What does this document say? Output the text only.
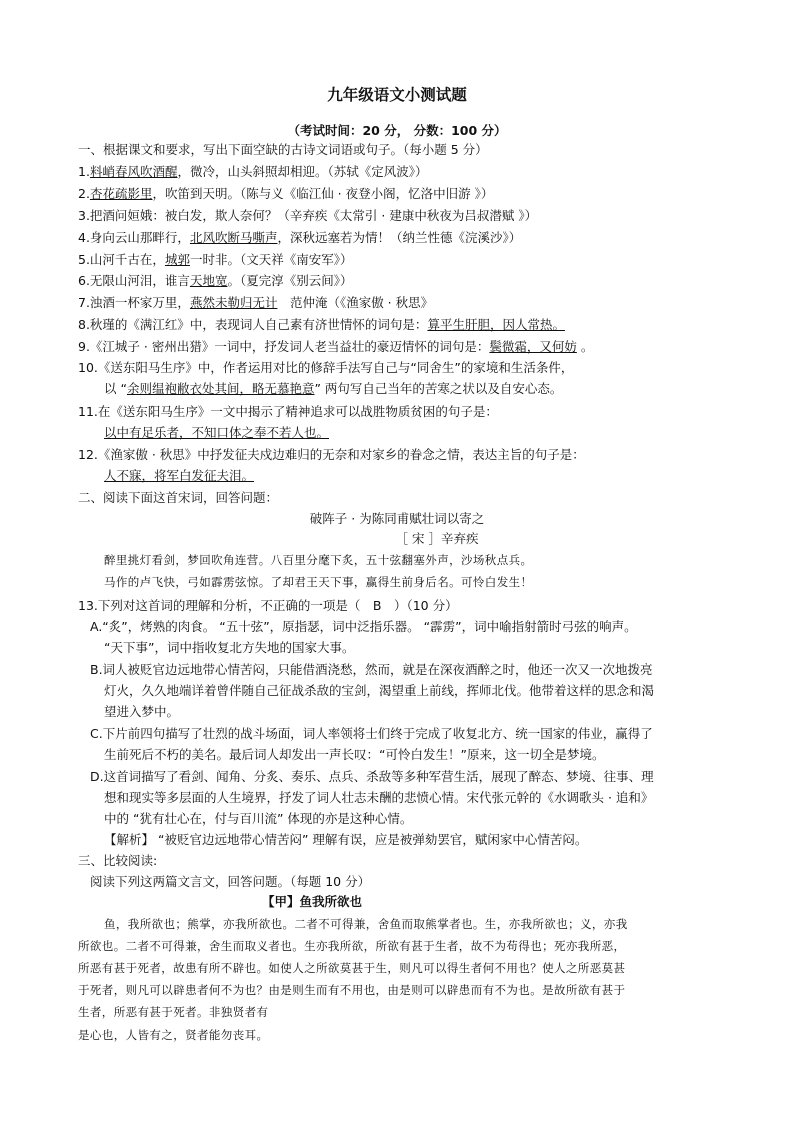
九年级语文小测试题
（考试时间：20 分， 分数：100 分）
一、根据课文和要求，写出下面空缺的古诗文词语或句子。（每小题 5 分）
1.料峭春风吹酒醒，微冷，山头斜照却相迎。（苏轼《定风波》）
2.杏花疏影里，吹笛到天明。（陈与义《临江仙 · 夜登小阁，忆洛中旧游 》）
3.把酒问姮娥：被白发，欺人奈何？（辛弃疾《太常引 · 建康中秋夜为吕叔潜赋 》）
4.身向云山那畔行，北风吹断马嘶声，深秋远塞若为情！（纳兰性德《浣溪沙》）
5.山河千古在，城郭一时非。（文天祥《南安军》）
6.无限山河泪，谁言天地宽。（夏完淳《别云间》）
7.浊酒一杯家万里，燕然未勒归无计　范仲淹（《渔家傲 · 秋思》
8.秋瑾的《满江红》中，表现词人自己素有济世情怀的词句是：算平生肝胆，因人常热。
9.《江城子 · 密州出猎》一词中，抒发词人老当益壮的豪迈情怀的词句是：鬓微霜，又何妨 。
10.《送东阳马生序》中，作者运用对比的修辞手法写自己与“同舍生”的家境和生活条件，
以 “余则缊袍敝衣处其间，略无慕艳意” 两句写自己当年的苦寒之状以及自安心态。
11.在《送东阳马生序》一文中揭示了精神追求可以战胜物质贫困的句子是：
以中有足乐者，不知口体之奉不若人也。
12.《渔家傲 · 秋思》中抒发征夫戍边难归的无奈和对家乡的眷念之情，表达主旨的句子是：
人不寐，将军白发征夫泪。
二、阅读下面这首宋词，回答问题：
破阵子 · 为陈同甫赋壮词以寄之
［ 宋 ］辛弃疾
醉里挑灯看剑，梦回吹角连营。八百里分麾下炙，五十弦翻塞外声，沙场秋点兵。
马作的卢飞快，弓如霹雳弦惊。了却君王天下事，赢得生前身后名。可怜白发生！
13.下列对这首词的理解和分析，不正确的一项是（　B　）（10 分）
A.“炙”，烤熟的肉食。 “五十弦”，原指瑟，词中泛指乐器。 “霹雳”，词中喻指射箭时弓弦的响声。
“天下事”，词中指收复北方失地的国家大事。
B.词人被贬官边远地带心情苦闷，只能借酒浇愁，然而，就是在深夜酒醉之时，他还一次又一次地拨亮
灯火，久久地端详着曾伴随自己征战杀敌的宝剑，渴望重上前线，挥师北伐。他带着这样的思念和渴
望进入梦中。
C.下片前四句描写了壮烈的战斗场面，词人率领将士们终于完成了收复北方、统一国家的伟业，赢得了
生前死后不朽的美名。最后词人却发出一声长叹：“可怜白发生！”原来，这一切全是梦境。
D.这首词描写了看剑、闻角、分炙、奏乐、点兵、杀敌等多种军营生活，展现了醉态、梦境、往事、理
想和现实等多层面的人生境界，抒发了词人壮志未酬的悲愤心情。宋代张元幹的《水调歌头 · 追和》
中的 “犹有壮心在，付与百川流” 体现的亦是这种心情。
【解析】 “被贬官边远地带心情苦闷” 理解有误，应是被弹劾罢官，赋闲家中心情苦闷。
三、比较阅读:
阅读下列这两篇文言文，回答问题。（每题 10 分）
【甲】鱼我所欲也
鱼，我所欲也；熊掌，亦我所欲也。二者不可得兼，舍鱼而取熊掌者也。生，亦我所欲也；义，亦我
所欲也。二者不可得兼，舍生而取义者也。生亦我所欲，所欲有甚于生者，故不为苟得也；死亦我所恶，
所恶有甚于死者，故患有所不辟也。如使人之所欲莫甚于生，则凡可以得生者何不用也？使人之所恶莫甚
于死者，则凡可以辟患者何不为也？由是则生而有不用也，由是则可以辟患而有不为也。是故所欲有甚于
生者，所恶有甚于死者。非独贤者有
是心也，人皆有之，贤者能勿丧耳。
